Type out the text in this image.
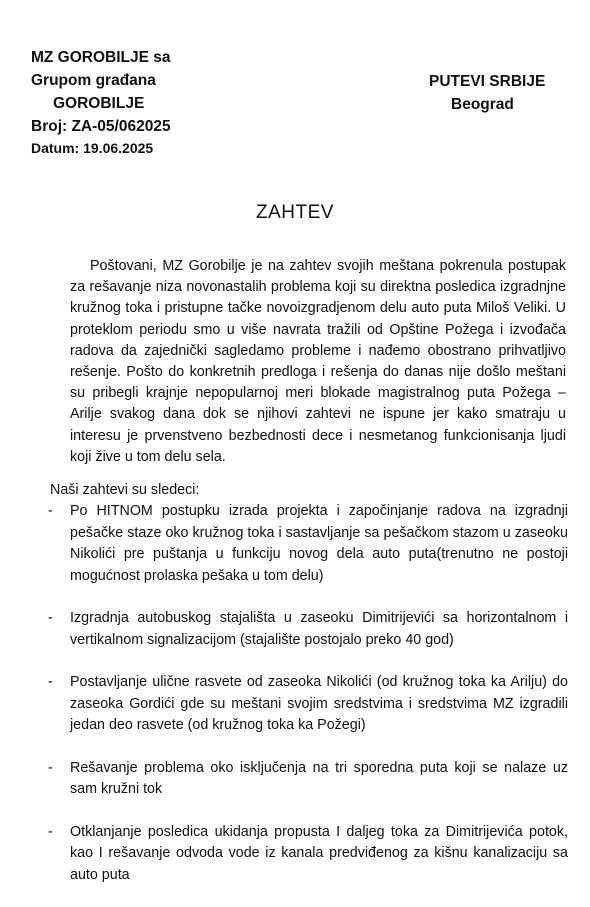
MZ GOROBILJE sa
Grupom građana
GOROBILJE
Broj: ZA-05/062025
Datum: 19.06.2025
PUTEVI SRBIJE
Beograd
ZAHTEV

Poštovani, MZ Gorobilje je na zahtev svojih meštana pokrenula postupak za rešavanje niza novonastalih problema koji su direktna posledica izgradnjne kružnog toka i pristupne tačke novoizgradjenom delu auto puta Miloš Veliki. U proteklom periodu smo u više navrata tražili od Opštine Požega i izvođača radova da zajednički sagledamo probleme i nađemo obostrano prihvatljivo rešenje. Pošto do konkretnih predloga i rešenja do danas nije došlo meštani su pribegli krajnje nepopularnoj meri blokade magistralnog puta Požega – Arilje svakog dana dok se njihovi zahtevi ne ispune jer kako smatraju u interesu je prvenstveno bezbednosti dece i nesmetanog funkcionisanja ljudi koji žive u tom delu sela.

Naši zahtevi su sledeci:
- Po HITNOM postupku izrada projekta i započinjanje radova na izgradnji pešačke staze oko kružnog toka i sastavljanje sa pešačkom stazom u zaseoku Nikolići pre puštanja u funkciju novog dela auto puta(trenutno ne postoji mogućnost prolaska pešaka u tom delu)
- Izgradnja autobuskog stajališta u zaseoku Dimitrijevići sa horizontalnom i vertikalnom signalizacijom (stajalište postojalo preko 40 god)
- Postavljanje ulične rasvete od zaseoka Nikolići (od kružnog toka ka Arilju) do zaseoka Gordići gde su meštani svojim sredstvima i sredstvima MZ izgradili jedan deo rasvete (od kružnog toka ka Požegi)
- Rešavanje problema oko isključenja na tri sporedna puta koji se nalaze uz sam kružni tok
- Otklanjanje posledica ukidanja propusta I daljeg toka za Dimitrijevića potok, kao I rešavanje odvoda vode iz kanala predviđenog za kišnu kanalizaciju sa auto puta
